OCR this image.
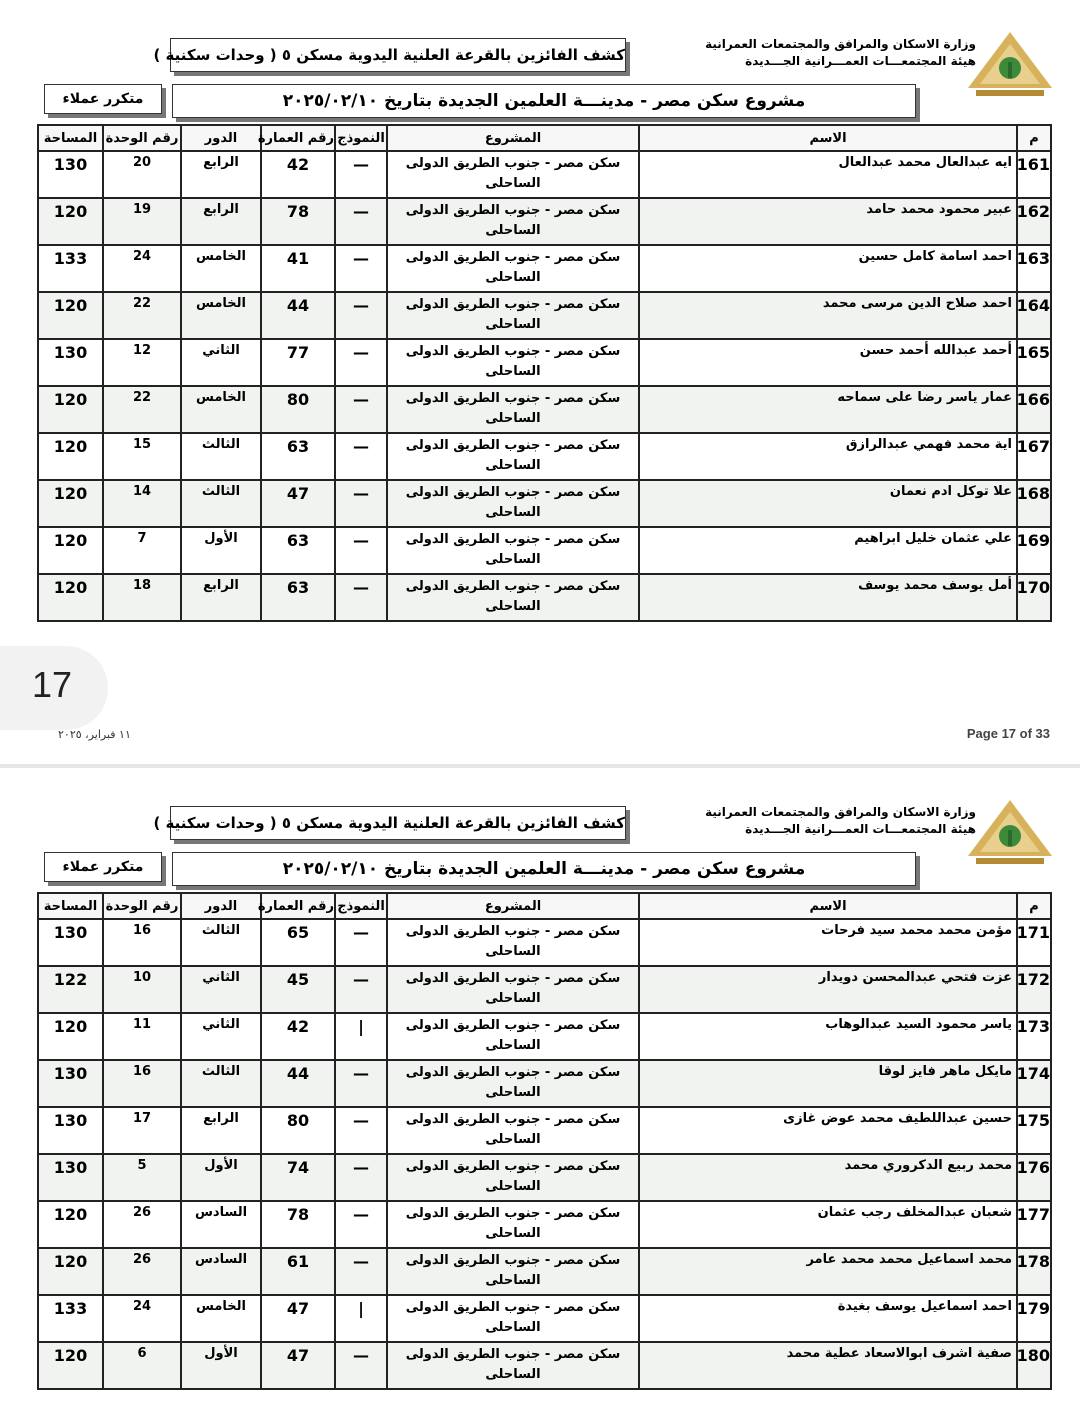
وزارة الاسكان والمرافق والمجتمعات العمرانية
هيئة المجتمعـــات العمـــرانية الجـــديدة
كشف الفائزين بالقرعة العلنية اليدوية مسكن ٥ ( وحدات سكنية )
مشروع سكن مصر - مدينـــة العلمين الجديدة بتاريخ ٢٠٢٥/٠٢/١٠
متكرر عملاء
م	الاسم	المشروع	النموذج	رقم العمارة	الدور	رقم الوحدة	المساحة
161	ايه عبدالعال محمد عبدالعال	سكن مصر - جنوب الطريق الدولى الساحلى	—	42	الرابع	20	130
162	عبير محمود محمد حامد	سكن مصر - جنوب الطريق الدولى الساحلى	—	78	الرابع	19	120
163	احمد اسامة كامل حسين	سكن مصر - جنوب الطريق الدولى الساحلى	—	41	الخامس	24	133
164	احمد صلاح الدين مرسى محمد	سكن مصر - جنوب الطريق الدولى الساحلى	—	44	الخامس	22	120
165	أحمد عبدالله أحمد حسن	سكن مصر - جنوب الطريق الدولى الساحلى	—	77	الثاني	12	130
166	عمار ياسر رضا على سماحه	سكن مصر - جنوب الطريق الدولى الساحلى	—	80	الخامس	22	120
167	اية محمد فهمي عبدالرازق	سكن مصر - جنوب الطريق الدولى الساحلى	—	63	الثالث	15	120
168	علا توكل ادم نعمان	سكن مصر - جنوب الطريق الدولى الساحلى	—	47	الثالث	14	120
169	علي عثمان خليل ابراهيم	سكن مصر - جنوب الطريق الدولى الساحلى	—	63	الأول	7	120
170	أمل يوسف محمد يوسف	سكن مصر - جنوب الطريق الدولى الساحلى	—	63	الرابع	18	120
17
١١ فبراير، ٢٠٢٥	Page 17 of 33
وزارة الاسكان والمرافق والمجتمعات العمرانية
هيئة المجتمعـــات العمـــرانية الجـــديدة
كشف الفائزين بالقرعة العلنية اليدوية مسكن ٥ ( وحدات سكنية )
مشروع سكن مصر - مدينـــة العلمين الجديدة بتاريخ ٢٠٢٥/٠٢/١٠
متكرر عملاء
م	الاسم	المشروع	النموذج	رقم العمارة	الدور	رقم الوحدة	المساحة
171	مؤمن محمد محمد سيد فرحات	سكن مصر - جنوب الطريق الدولى الساحلى	—	65	الثالث	16	130
172	عزت فتحي عبدالمحسن دويدار	سكن مصر - جنوب الطريق الدولى الساحلى	—	45	الثاني	10	122
173	ياسر محمود السيد عبدالوهاب	سكن مصر - جنوب الطريق الدولى الساحلى	|	42	الثاني	11	120
174	مايكل ماهر فايز لوقا	سكن مصر - جنوب الطريق الدولى الساحلى	—	44	الثالث	16	130
175	حسين عبداللطيف محمد عوض غازى	سكن مصر - جنوب الطريق الدولى الساحلى	—	80	الرابع	17	130
176	محمد ربيع الدكروري محمد	سكن مصر - جنوب الطريق الدولى الساحلى	—	74	الأول	5	130
177	شعبان عبدالمخلف رجب عثمان	سكن مصر - جنوب الطريق الدولى الساحلى	—	78	السادس	26	120
178	محمد اسماعيل محمد محمد عامر	سكن مصر - جنوب الطريق الدولى الساحلى	—	61	السادس	26	120
179	احمد اسماعيل يوسف بغيدة	سكن مصر - جنوب الطريق الدولى الساحلى	|	47	الخامس	24	133
180	صفية اشرف ابوالاسعاد عطية محمد	سكن مصر - جنوب الطريق الدولى الساحلى	—	47	الأول	6	120
